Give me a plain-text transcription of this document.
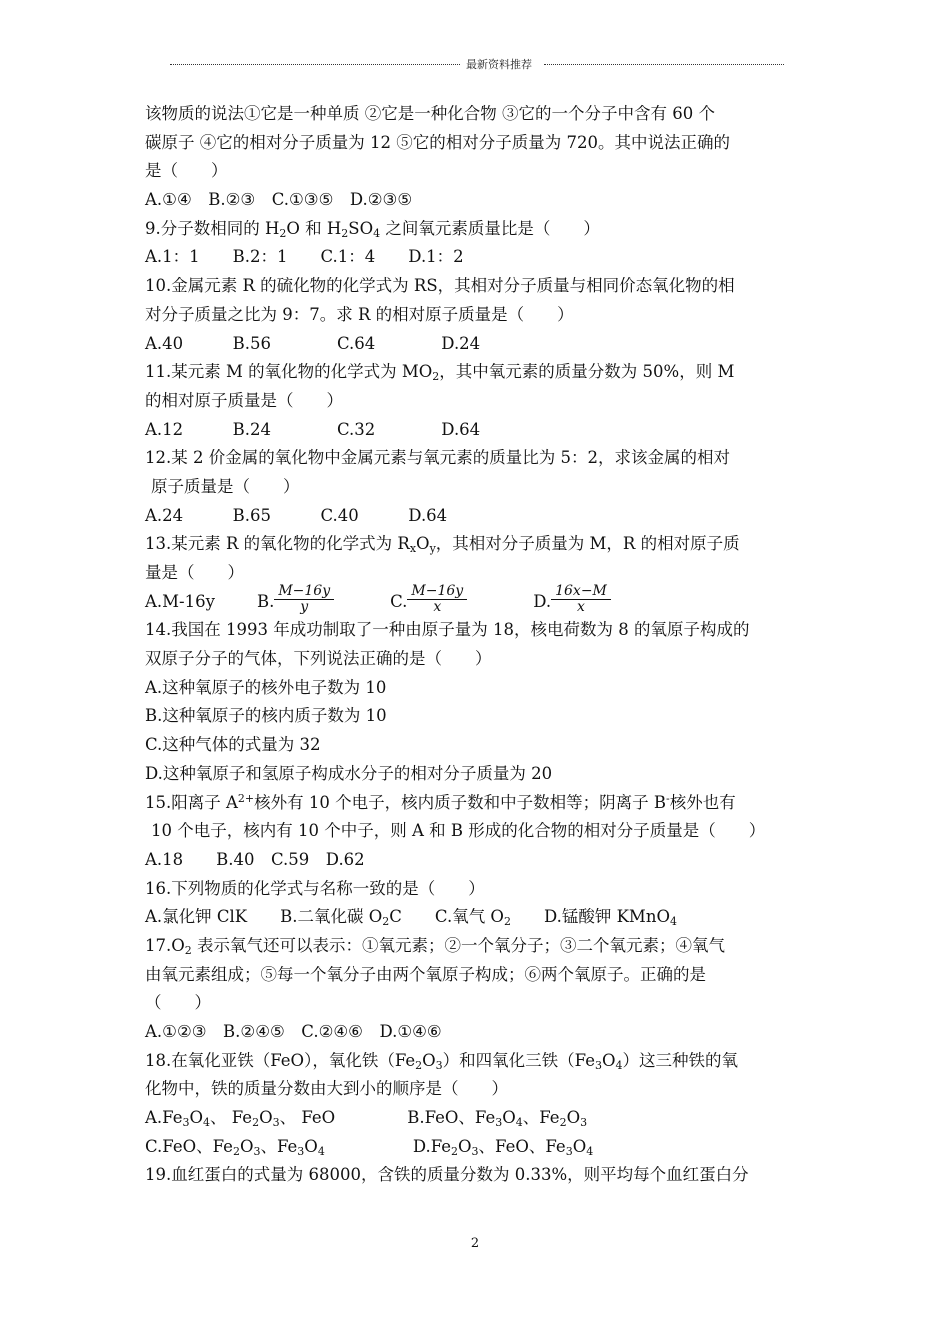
最新资料推荐
该物质的说法①它是一种单质 ②它是一种化合物 ③它的一个分子中含有 60 个
碳原子 ④它的相对分子质量为 12 ⑤它的相对分子质量为 720。其中说法正确的
是（　　）
A.①④　B.②③　C.①③⑤　D.②③⑤
9.分子数相同的 $H_2O$ 和 $H_2SO_4$ 之间氧元素质量比是（　　）
A.1：1　　B.2：1　　C.1：4　　D.1：2
10.金属元素 R 的硫化物的化学式为 RS，其相对分子质量与相同价态氧化物的相
对分子质量之比为 9：7。求 R 的相对原子质量是（　　）
A.40　　　B.56　　　　C.64　　　　D.24
11.某元素 M 的氧化物的化学式为 $MO_2$，其中氧元素的质量分数为 50%，则 M
的相对原子质量是（　　）
A.12　　　B.24　　　　C.32　　　　D.64
12.某 2 价金属的氧化物中金属元素与氧元素的质量比为 5：2，求该金属的相对
原子质量是（　　）
A.24　　　B.65　　　C.40　　　D.64
13.某元素 R 的氧化物的化学式为 $R_xO_y$，其相对分子质量为 M，R 的相对原子质
量是（　　）
A.M-16y	B. $\frac{M-16y}{y}$	C. $\frac{M-16y}{x}$	D. $\frac{16x-M}{x}$
14.我国在 1993 年成功制取了一种由原子量为 18，核电荷数为 8 的氧原子构成的
双原子分子的气体，下列说法正确的是（　　）
A.这种氧原子的核外电子数为 10
B.这种氧原子的核内质子数为 10
C.这种气体的式量为 32
D.这种氧原子和氢原子构成水分子的相对分子质量为 20
15.阳离子 $A^{2+}$核外有 10 个电子，核内质子数和中子数相等；阴离子 B-核外也有
10 个电子，核内有 10 个中子，则 A 和 B 形成的化合物的相对分子质量是（　　）
A.18　　B.40　C.59　D.62
16.下列物质的化学式与名称一致的是（　　）
A.氯化钾 ClK　　B.二氧化碳 $O_2C$　　C.氧气 $O_2$　　D.锰酸钾 KMnO$_4$
$17.O_2$ 表示氧气还可以表示：①氧元素；②一个氧分子；③二个氧元素；④氧气
由氧元素组成；⑤每一个氧分子由两个氧原子构成；⑥两个氧原子。正确的是
（　　）
A.①②③　B.②④⑤　C.②④⑥　D.①④⑥
18.在氧化亚铁（FeO），氧化铁$(Fe_2O_3)$和四氧化三铁$(Fe_3O_4)$这三种铁的氧
化物中，铁的质量分数由大到小的顺序是（　　）
$A.Fe_3O_4$、 $Fe_2O_3$、 FeO	B.FeO、$Fe_3O_4$、$Fe_2O_3$
C.FeO、$Fe_2O_3$、$Fe_3O_4$	$D.Fe_2O_3$、FeO、$Fe_3O_4$
19.血红蛋白的式量为 68000，含铁的质量分数为 0.33%，则平均每个血红蛋白分
2
